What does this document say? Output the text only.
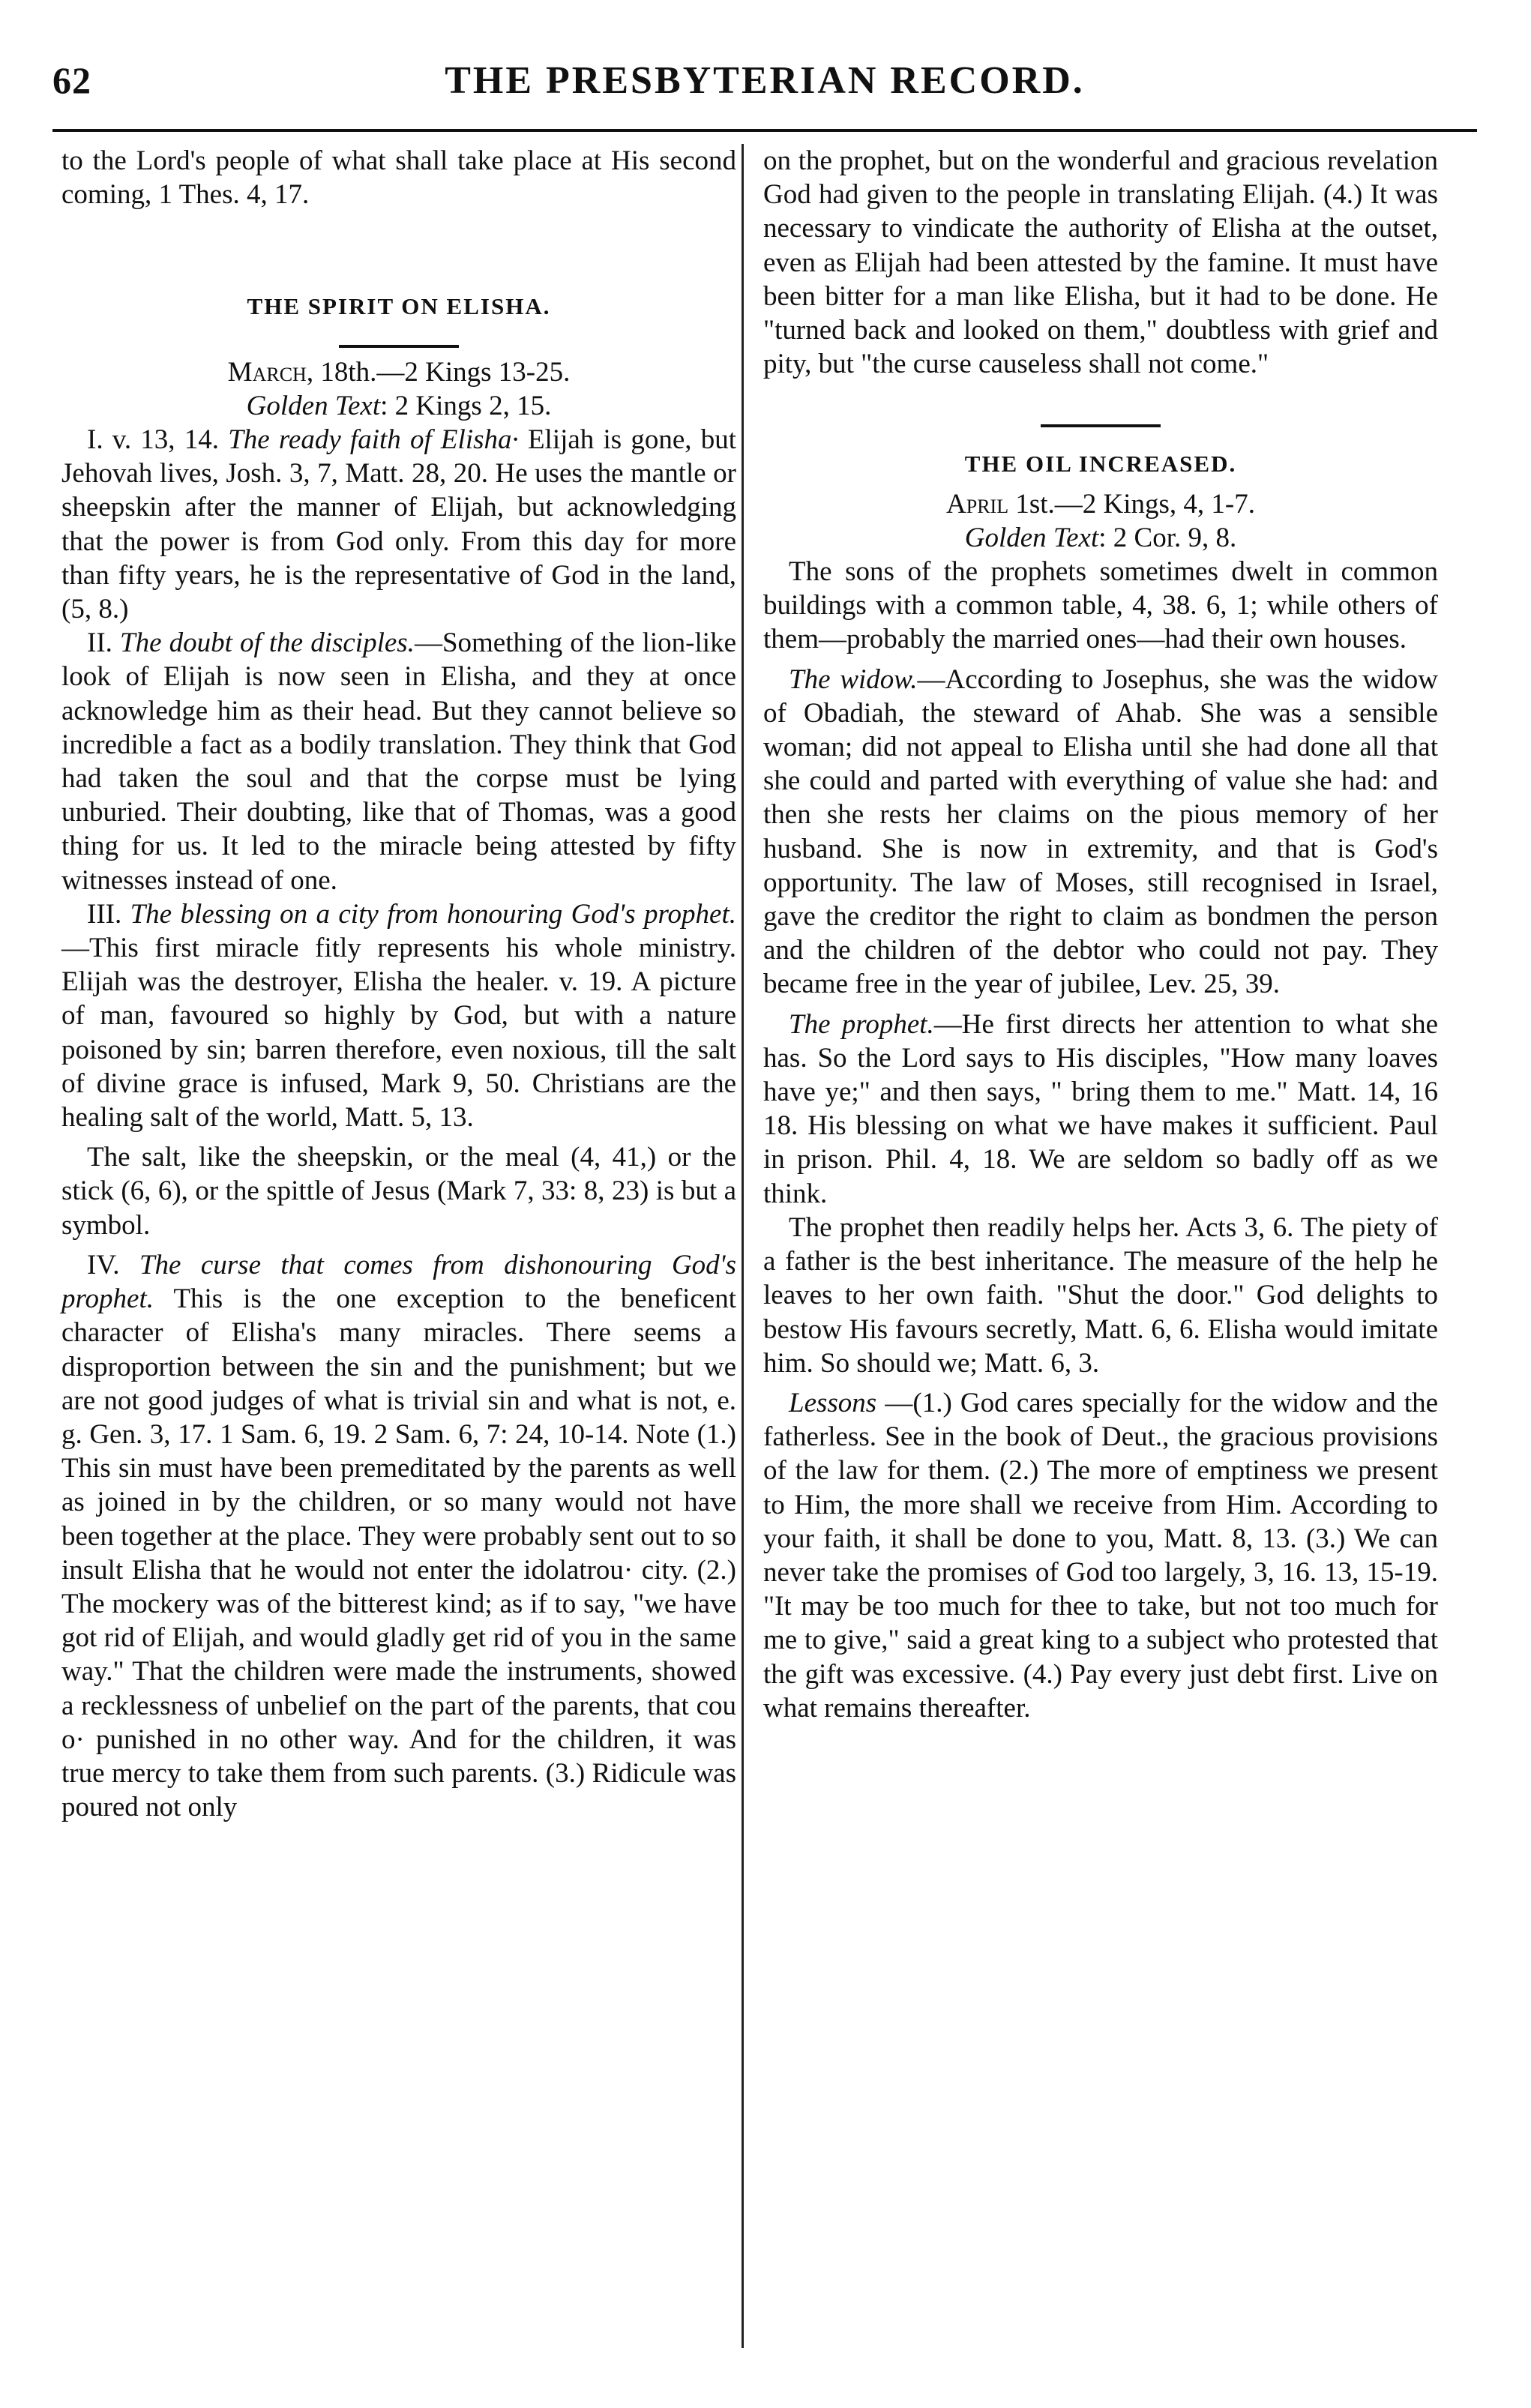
62	THE PRESBYTERIAN RECORD.

to the Lord's people of what shall take place at His second coming, 1 Thes. 4, 17.

THE SPIRIT ON ELISHA.

March, 18th.—2 Kings 13-25.

Golden Text: 2 Kings 2, 15.

I. v. 13, 14. The ready faith of Elisha· Elijah is gone, but Jehovah lives, Josh. 3, 7, Matt. 28, 20. He uses the mantle or sheepskin after the manner of Elijah, but acknowledging that the power is from God only. From this day for more than fifty years, he is the representative of God in the land, (5, 8.)

II. The doubt of the disciples.—Something of the lion-like look of Elijah is now seen in Elisha, and they at once acknowledge him as their head. But they cannot believe so incredible a fact as a bodily translation. They think that God had taken the soul and that the corpse must be lying unburied. Their doubting, like that of Thomas, was a good thing for us. It led to the miracle being attested by fifty witnesses instead of one.

III. The blessing on a city from honouring God's prophet.—This first miracle fitly represents his whole ministry. Elijah was the destroyer, Elisha the healer. v. 19. A picture of man, favoured so highly by God, but with a nature poisoned by sin; barren therefore, even noxious, till the salt of divine grace is infused, Mark 9, 50. Christians are the healing salt of the world, Matt. 5, 13.

The salt, like the sheepskin, or the meal (4, 41,) or the stick (6, 6), or the spittle of Jesus (Mark 7, 33: 8, 23) is but a symbol.

IV. The curse that comes from dishonouring God's prophet. This is the one exception to the beneficent character of Elisha's many miracles. There seems a disproportion between the sin and the punishment; but we are not good judges of what is trivial sin and what is not, e. g. Gen. 3, 17. 1 Sam. 6, 19. 2 Sam. 6, 7: 24, 10-14. Note (1.) This sin must have been premeditated by the parents as well as joined in by the children, or so many would not have been together at the place. They were probably sent out to so insult Elisha that he would not enter the idolatrou· city. (2.) The mockery was of the bitterest kind; as if to say, "we have got rid of Elijah, and would gladly get rid of you in the same way." That the children were made the instruments, showed a recklessness of unbelief on the part of the parents, that cou o· punished in no other way. And for the children, it was true mercy to take them from such parents. (3.) Ridicule was poured not only

on the prophet, but on the wonderful and gracious revelation God had given to the people in translating Elijah. (4.) It was necessary to vindicate the authority of Elisha at the outset, even as Elijah had been attested by the famine. It must have been bitter for a man like Elisha, but it had to be done. He "turned back and looked on them," doubtless with grief and pity, but "the curse causeless shall not come."

THE OIL INCREASED.

April 1st.—2 Kings, 4, 1-7.

Golden Text: 2 Cor. 9, 8.

The sons of the prophets sometimes dwelt in common buildings with a common table, 4, 38. 6, 1; while others of them—probably the married ones—had their own houses.

The widow.—According to Josephus, she was the widow of Obadiah, the steward of Ahab. She was a sensible woman; did not appeal to Elisha until she had done all that she could and parted with everything of value she had: and then she rests her claims on the pious memory of her husband. She is now in extremity, and that is God's opportunity. The law of Moses, still recognised in Israel, gave the creditor the right to claim as bondmen the person and the children of the debtor who could not pay. They became free in the year of jubilee, Lev. 25, 39.

The prophet.—He first directs her attention to what she has. So the Lord says to His disciples, "How many loaves have ye;" and then says, " bring them to me." Matt. 14, 16 18. His blessing on what we have makes it sufficient. Paul in prison. Phil. 4, 18. We are seldom so badly off as we think.

The prophet then readily helps her. Acts 3, 6. The piety of a father is the best inheritance. The measure of the help he leaves to her own faith. "Shut the door." God delights to bestow His favours secretly, Matt. 6, 6. Elisha would imitate him. So should we; Matt. 6, 3.

Lessons —(1.) God cares specially for the widow and the fatherless. See in the book of Deut., the gracious provisions of the law for them. (2.) The more of emptiness we present to Him, the more shall we receive from Him. According to your faith, it shall be done to you, Matt. 8, 13. (3.) We can never take the promises of God too largely, 3, 16. 13, 15-19. "It may be too much for thee to take, but not too much for me to give," said a great king to a subject who protested that the gift was excessive. (4.) Pay every just debt first. Live on what remains thereafter.
